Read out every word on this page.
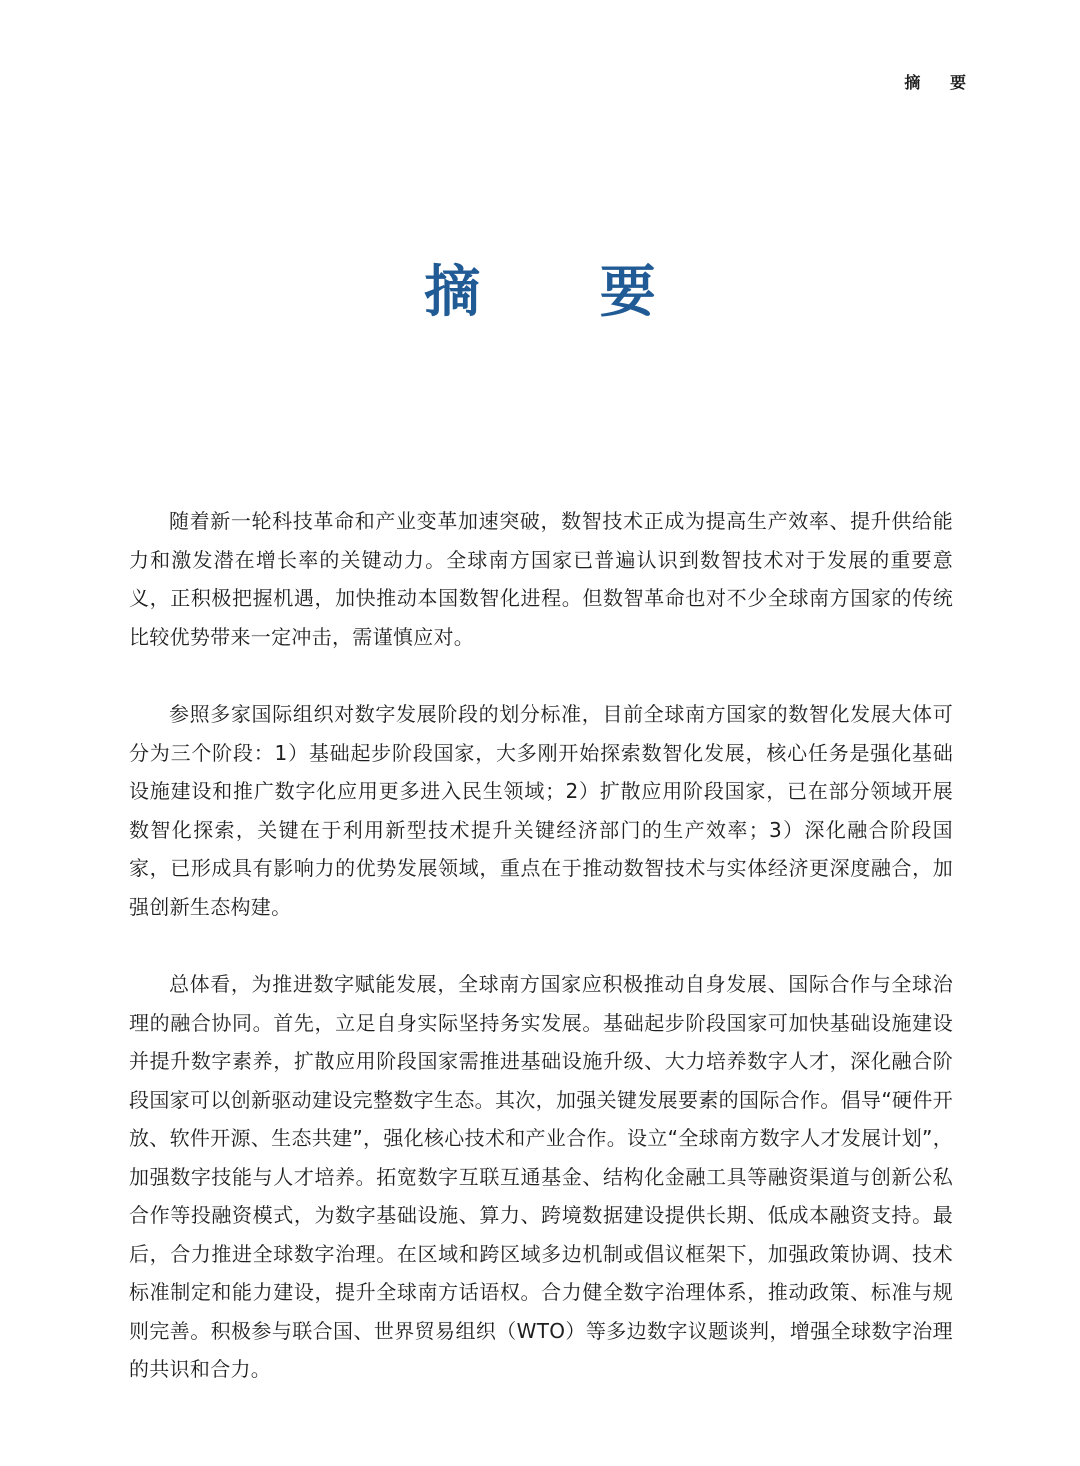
摘 要
摘 要

随着新一轮科技革命和产业变革加速突破，数智技术正成为提高生产效率、提升供给能力和激发潜在增长率的关键动力。全球南方国家已普遍认识到数智技术对于发展的重要意义，正积极把握机遇，加快推动本国数智化进程。但数智革命也对不少全球南方国家的传统比较优势带来一定冲击，需谨慎应对。

参照多家国际组织对数字发展阶段的划分标准，目前全球南方国家的数智化发展大体可分为三个阶段：1）基础起步阶段国家，大多刚开始探索数智化发展，核心任务是强化基础设施建设和推广数字化应用更多进入民生领域；2）扩散应用阶段国家，已在部分领域开展数智化探索，关键在于利用新型技术提升关键经济部门的生产效率；3）深化融合阶段国家，已形成具有影响力的优势发展领域，重点在于推动数智技术与实体经济更深度融合，加强创新生态构建。

总体看，为推进数字赋能发展，全球南方国家应积极推动自身发展、国际合作与全球治理的融合协同。首先，立足自身实际坚持务实发展。基础起步阶段国家可加快基础设施建设并提升数字素养，扩散应用阶段国家需推进基础设施升级、大力培养数字人才，深化融合阶段国家可以创新驱动建设完整数字生态。其次，加强关键发展要素的国际合作。倡导“硬件开放、软件开源、生态共建”，强化核心技术和产业合作。设立“全球南方数字人才发展计划”，加强数字技能与人才培养。拓宽数字互联互通基金、结构化金融工具等融资渠道与创新公私合作等投融资模式，为数字基础设施、算力、跨境数据建设提供长期、低成本融资支持。最后，合力推进全球数字治理。在区域和跨区域多边机制或倡议框架下，加强政策协调、技术标准制定和能力建设，提升全球南方话语权。合力健全数字治理体系，推动政策、标准与规则完善。积极参与联合国、世界贸易组织（WTO）等多边数字议题谈判，增强全球数字治理的共识和合力。
